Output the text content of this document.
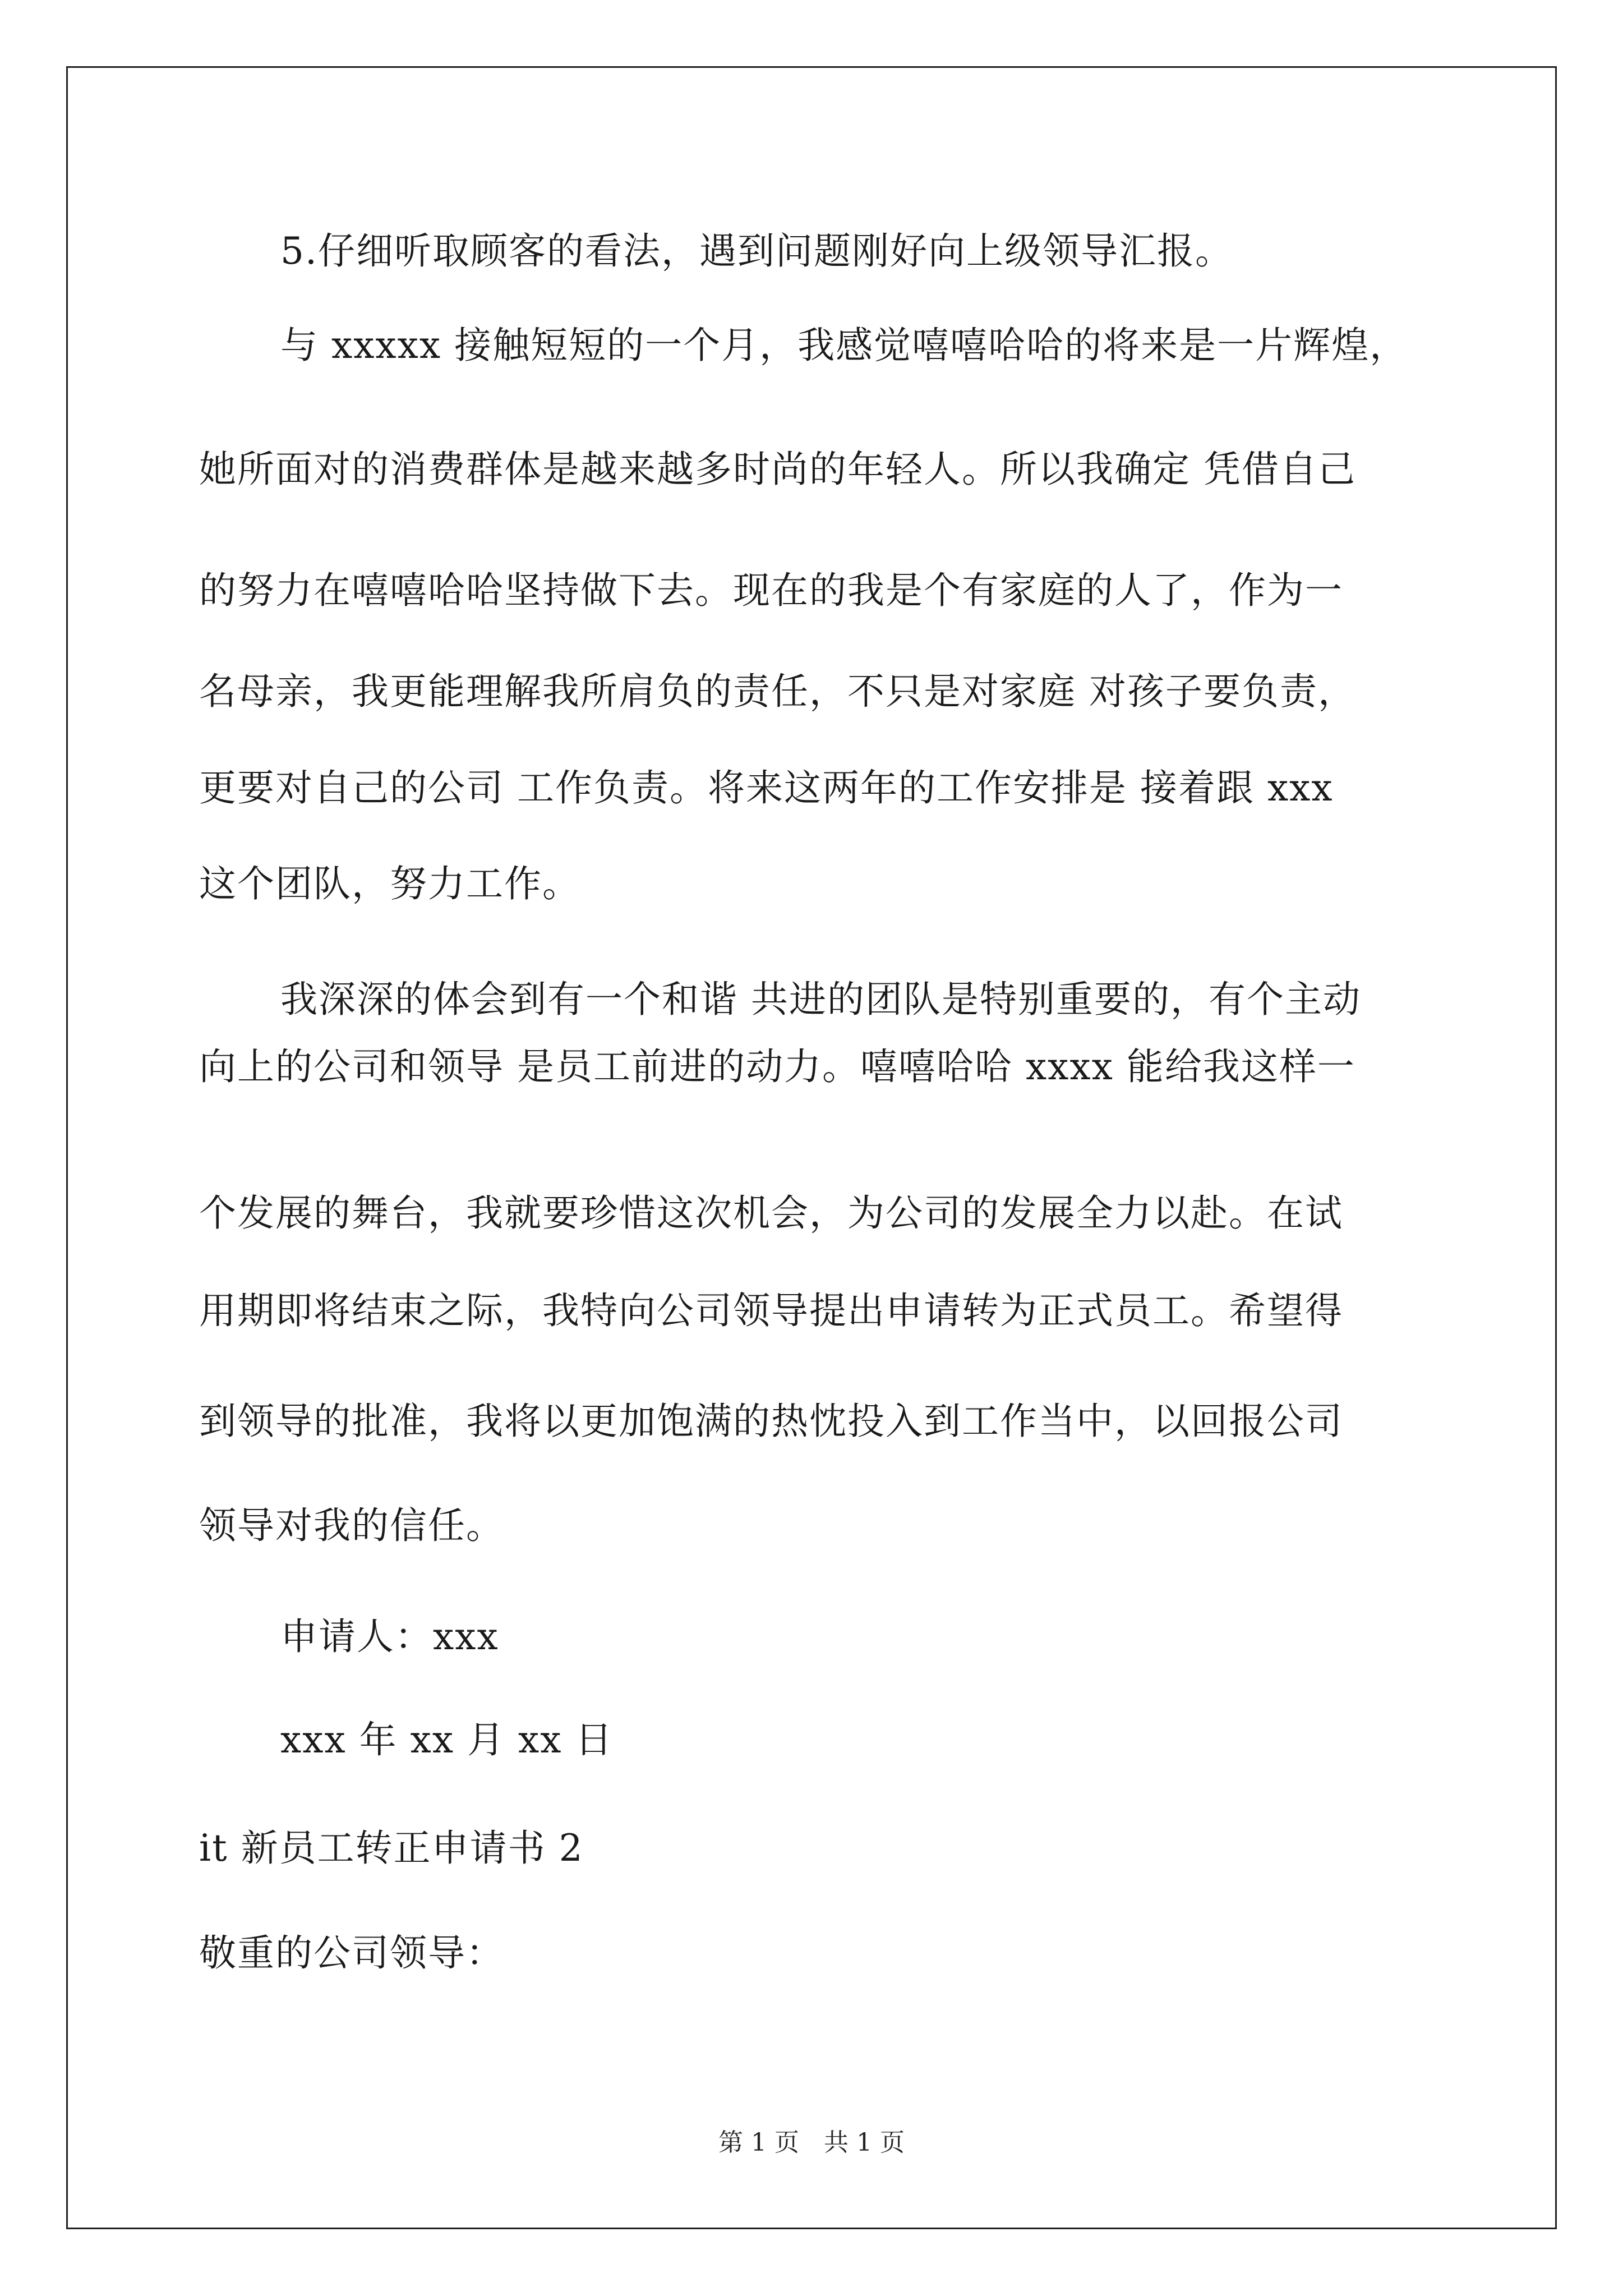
5.仔细听取顾客的看法，遇到问题刚好向上级领导汇报。
与 xxxxx 接触短短的一个月，我感觉嘻嘻哈哈的将来是一片辉煌，
她所面对的消费群体是越来越多时尚的年轻人。所以我确定 凭借自己
的努力在嘻嘻哈哈坚持做下去。现在的我是个有家庭的人了，作为一
名母亲，我更能理解我所肩负的责任，不只是对家庭 对孩子要负责，
更要对自己的公司 工作负责。将来这两年的工作安排是 接着跟 xxx
这个团队，努力工作。
我深深的体会到有一个和谐 共进的团队是特别重要的，有个主动
向上的公司和领导 是员工前进的动力。嘻嘻哈哈 xxxx 能给我这样一
个发展的舞台，我就要珍惜这次机会，为公司的发展全力以赴。在试
用期即将结束之际，我特向公司领导提出申请转为正式员工。希望得
到领导的批准，我将以更加饱满的热忱投入到工作当中，以回报公司
领导对我的信任。
申请人：xxx
xxx 年 xx 月 xx 日
it 新员工转正申请书 2
敬重的公司领导：
第 1 页　共 1 页
